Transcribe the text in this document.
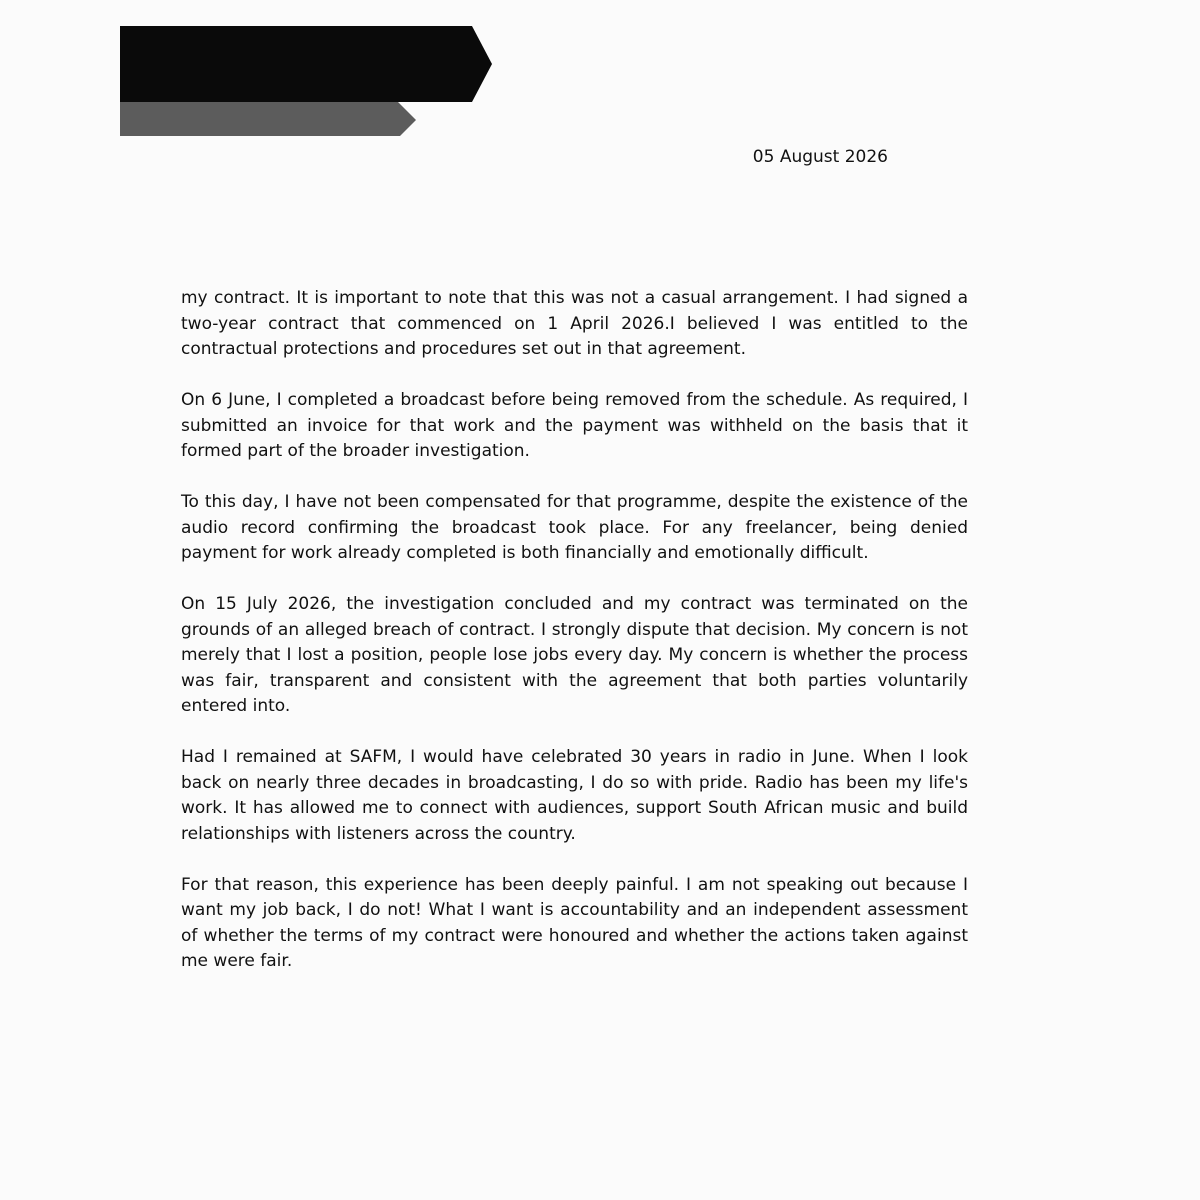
05 August 2026

my contract. It is important to note that this was not a casual arrangement. I had signed a two-year contract that commenced on 1 April 2026.I believed I was entitled to the contractual protections and procedures set out in that agreement.

On 6 June, I completed a broadcast before being removed from the schedule. As required, I submitted an invoice for that work and the payment was withheld on the basis that it formed part of the broader investigation.

To this day, I have not been compensated for that programme, despite the existence of the audio record confirming the broadcast took place. For any freelancer, being denied payment for work already completed is both financially and emotionally difficult.

On 15 July 2026, the investigation concluded and my contract was terminated on the grounds of an alleged breach of contract. I strongly dispute that decision. My concern is not merely that I lost a position, people lose jobs every day. My concern is whether the process was fair, transparent and consistent with the agreement that both parties voluntarily entered into.

Had I remained at SAFM, I would have celebrated 30 years in radio in June. When I look back on nearly three decades in broadcasting, I do so with pride. Radio has been my life's work. It has allowed me to connect with audiences, support South African music and build relationships with listeners across the country.

For that reason, this experience has been deeply painful. I am not speaking out because I want my job back, I do not! What I want is accountability and an independent assessment of whether the terms of my contract were honoured and whether the actions taken against me were fair.
